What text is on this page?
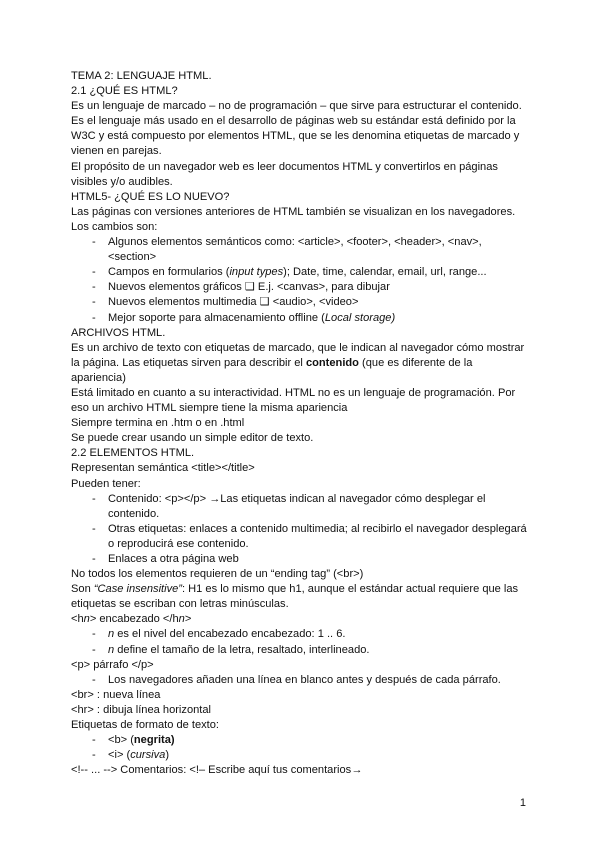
TEMA 2: LENGUAJE HTML.
2.1 ¿QUÉ ES HTML?
Es un lenguaje de marcado – no de programación – que sirve para estructurar el contenido.
Es el lenguaje más usado en el desarrollo de páginas web su estándar está definido por la
W3C y está compuesto por elementos HTML, que se les denomina etiquetas de marcado y
vienen en parejas.
El propósito de un navegador web es leer documentos HTML y convertirlos en páginas
visibles y/o audibles.
HTML5- ¿QUÉ ES LO NUEVO?
Las páginas con versiones anteriores de HTML también se visualizan en los navegadores.
Los cambios son:
- Algunos elementos semánticos como: <article>, <footer>, <header>, <nav>,
<section>
- Campos en formularios (input types); Date, time, calendar, email, url, range...
- Nuevos elementos gráficos ❑ E.j. <canvas>, para dibujar
- Nuevos elementos multimedia ❑ <audio>, <video>
- Mejor soporte para almacenamiento offline (Local storage)
ARCHIVOS HTML.
Es un archivo de texto con etiquetas de marcado, que le indican al navegador cómo mostrar
la página. Las etiquetas sirven para describir el contenido (que es diferente de la
apariencia)
Está limitado en cuanto a su interactividad. HTML no es un lenguaje de programación. Por
eso un archivo HTML siempre tiene la misma apariencia
Siempre termina en .htm o en .html
Se puede crear usando un simple editor de texto.
2.2 ELEMENTOS HTML.
Representan semántica <title></title>
Pueden tener:
- Contenido: <p></p> →Las etiquetas indican al navegador cómo desplegar el
contenido.
- Otras etiquetas: enlaces a contenido multimedia; al recibirlo el navegador desplegará
o reproducirá ese contenido.
- Enlaces a otra página web
No todos los elementos requieren de un “ending tag” (<br>)
Son “Case insensitive”: H1 es lo mismo que h1, aunque el estándar actual requiere que las
etiquetas se escriban con letras minúsculas.
<hn> encabezado </hn>
- n es el nivel del encabezado encabezado: 1 .. 6.
- n define el tamaño de la letra, resaltado, interlineado.
<p> párrafo </p>
- Los navegadores añaden una línea en blanco antes y después de cada párrafo.
<br> : nueva línea
<hr> : dibuja línea horizontal
Etiquetas de formato de texto:
- <b> (negrita)
- <i> (cursiva)
<!-- ... --> Comentarios: <!– Escribe aquí tus comentarios→
1
